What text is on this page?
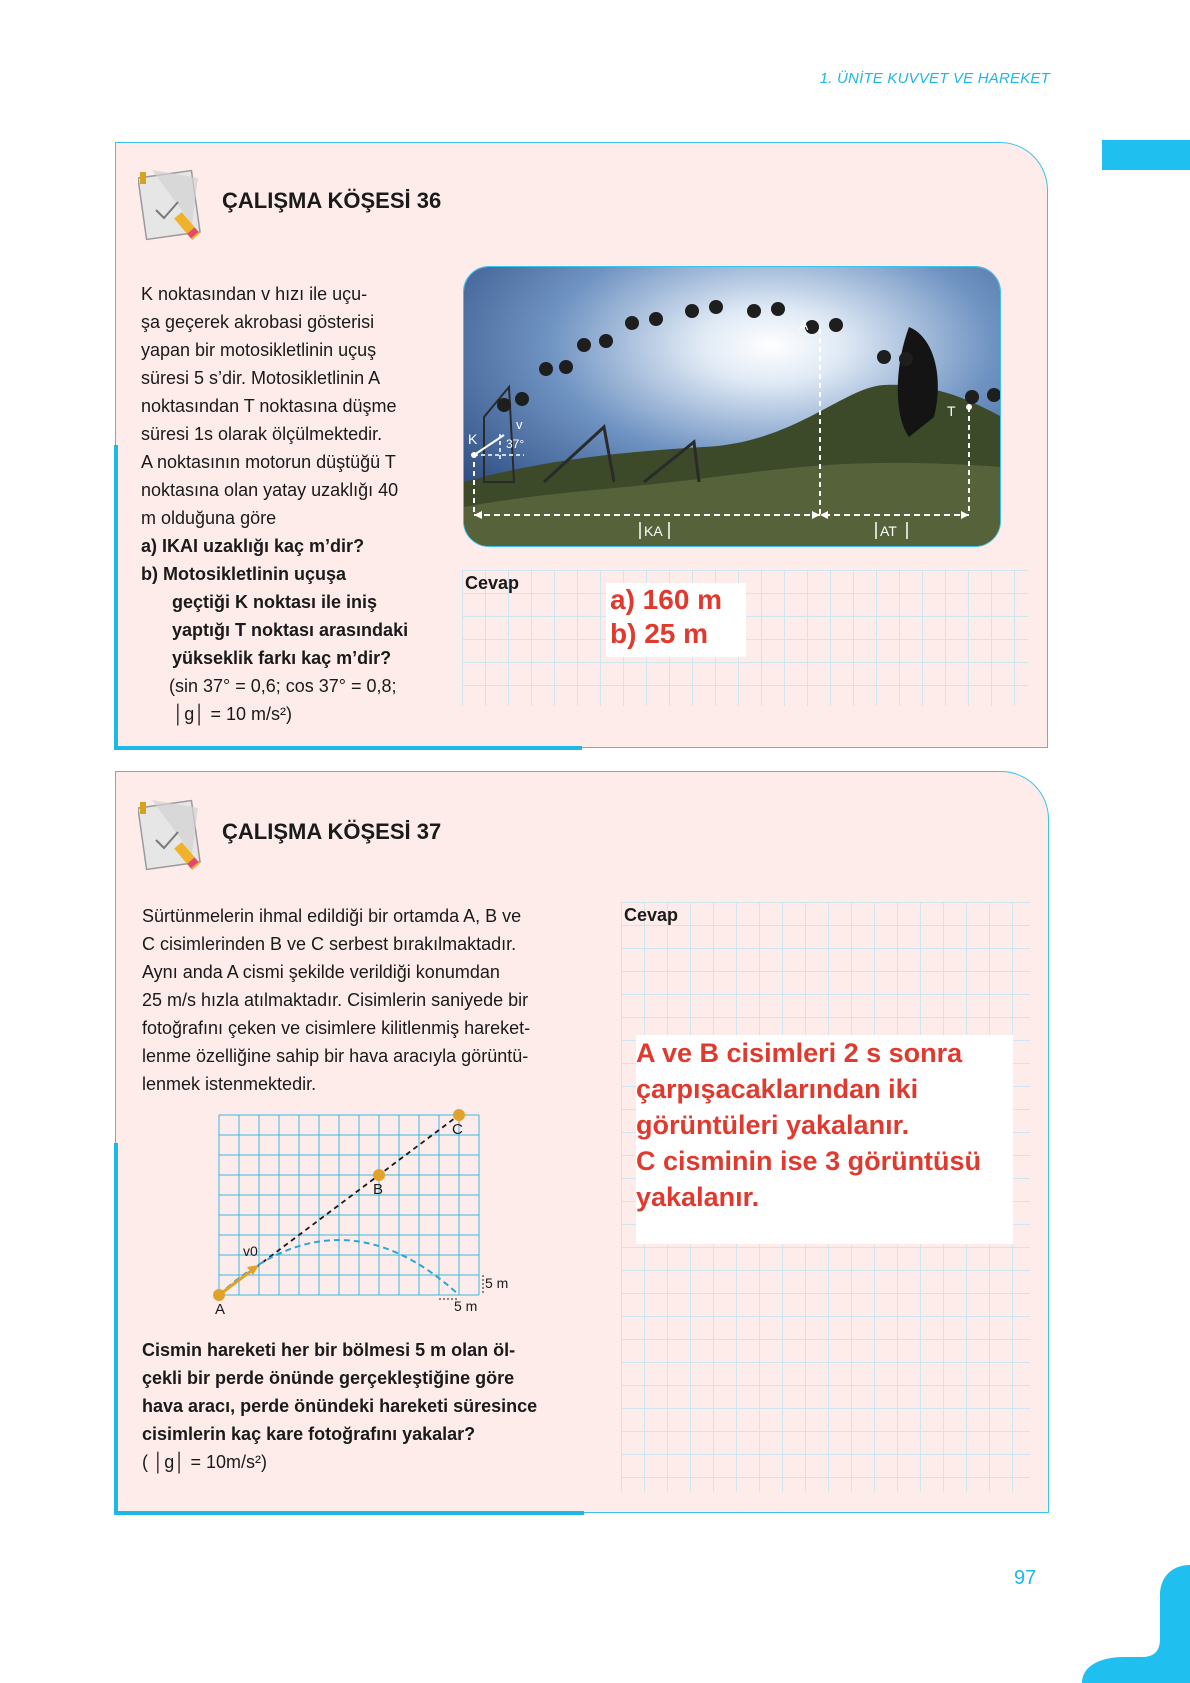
1. ÜNİTE KUVVET VE HAREKET
ÇALIŞMA KÖŞESİ 36
K noktasından v hızı ile uçu-
şa geçerek akrobasi gösterisi
yapan bir motosikletlinin uçuş
süresi 5 s’dir. Motosikletlinin A
noktasından T noktasına düşme
süresi 1s olarak ölçülmektedir.
A noktasının motorun düştüğü T
noktasına olan yatay uzaklığı 40
m olduğuna göre
a) IKAI uzaklığı kaç m’dir?
b) Motosikletlinin uçuşa
geçtiği K noktası ile iniş
yaptığı T noktası arasındaki
yükseklik farkı kaç m’dir?
(sin 37° = 0,6; cos 37° = 0,8;
│g│ = 10 m/s²)
K
v
37°
A
T
KA	AT
Cevap
a) 160 m
b) 25 m
ÇALIŞMA KÖŞESİ 37
Sürtünmelerin ihmal edildiği bir ortamda A, B ve
C cisimlerinden B ve C serbest bırakılmaktadır.
Aynı anda A cismi şekilde verildiği konumdan
25 m/s hızla atılmaktadır. Cisimlerin saniyede bir
fotoğrafını çeken ve cisimlere kilitlenmiş hareket-
lenme özelliğine sahip bir hava aracıyla görüntü-
lenmek istenmektedir.
A
B
C
v0
5 m
5 m
Cismin hareketi her bir bölmesi 5 m olan öl-
çekli bir perde önünde gerçekleştiğine göre
hava aracı, perde önündeki hareketi süresince
cisimlerin kaç kare fotoğrafını yakalar?
( │g│ = 10m/s²)
Cevap
A ve B cisimleri 2 s sonra
çarpışacaklarından iki
görüntüleri yakalanır.
C cisminin ise 3 görüntüsü
yakalanır.
97
